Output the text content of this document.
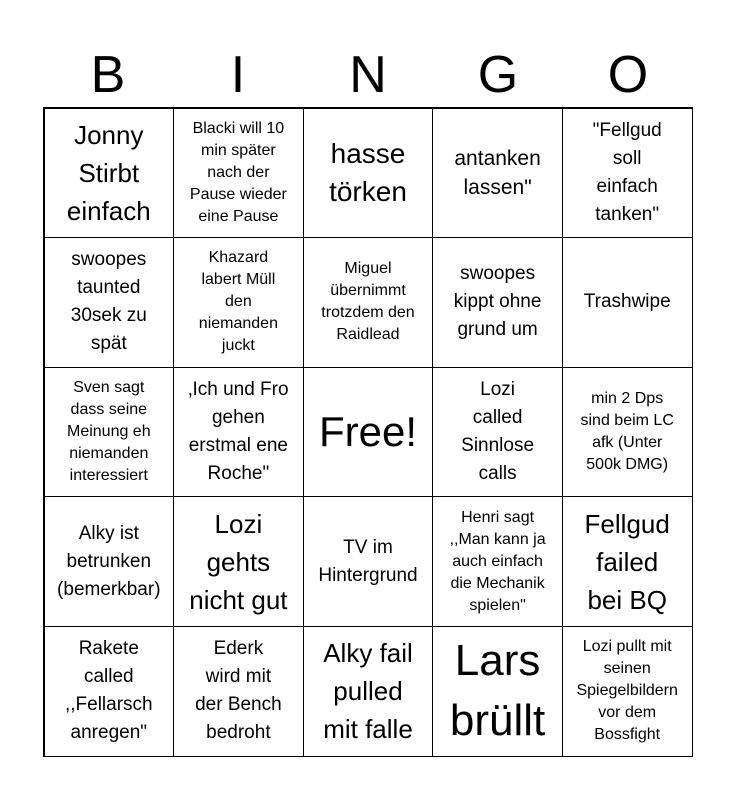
B	I	N	G	O
Jonny
Stirbt
einfach
Blacki will 10
min später
nach der
Pause wieder
eine Pause
hasse
törken
antanken
lassen"
"Fellgud
soll
einfach
tanken"
swoopes
taunted
30sek zu
spät
Khazard
labert Müll
den
niemanden
juckt
Miguel
übernimmt
trotzdem den
Raidlead
swoopes
kippt ohne
grund um
Trashwipe
Sven sagt
dass seine
Meinung eh
niemanden
interessiert
‚Ich und Fro
gehen
erstmal ene
Roche"
Free!
Lozi
called
Sinnlose
calls
min 2 Dps
sind beim LC
afk (Unter
500k DMG)
Alky ist
betrunken
(bemerkbar)
Lozi
gehts
nicht gut
TV im
Hintergrund
Henri sagt
,,Man kann ja
auch einfach
die Mechanik
spielen"
Fellgud
failed
bei BQ
Rakete
called
,,Fellarsch
anregen"
Ederk
wird mit
der Bench
bedroht
Alky fail
pulled
mit falle
Lars
brüllt
Lozi pullt mit
seinen
Spiegelbildern
vor dem
Bossfight
